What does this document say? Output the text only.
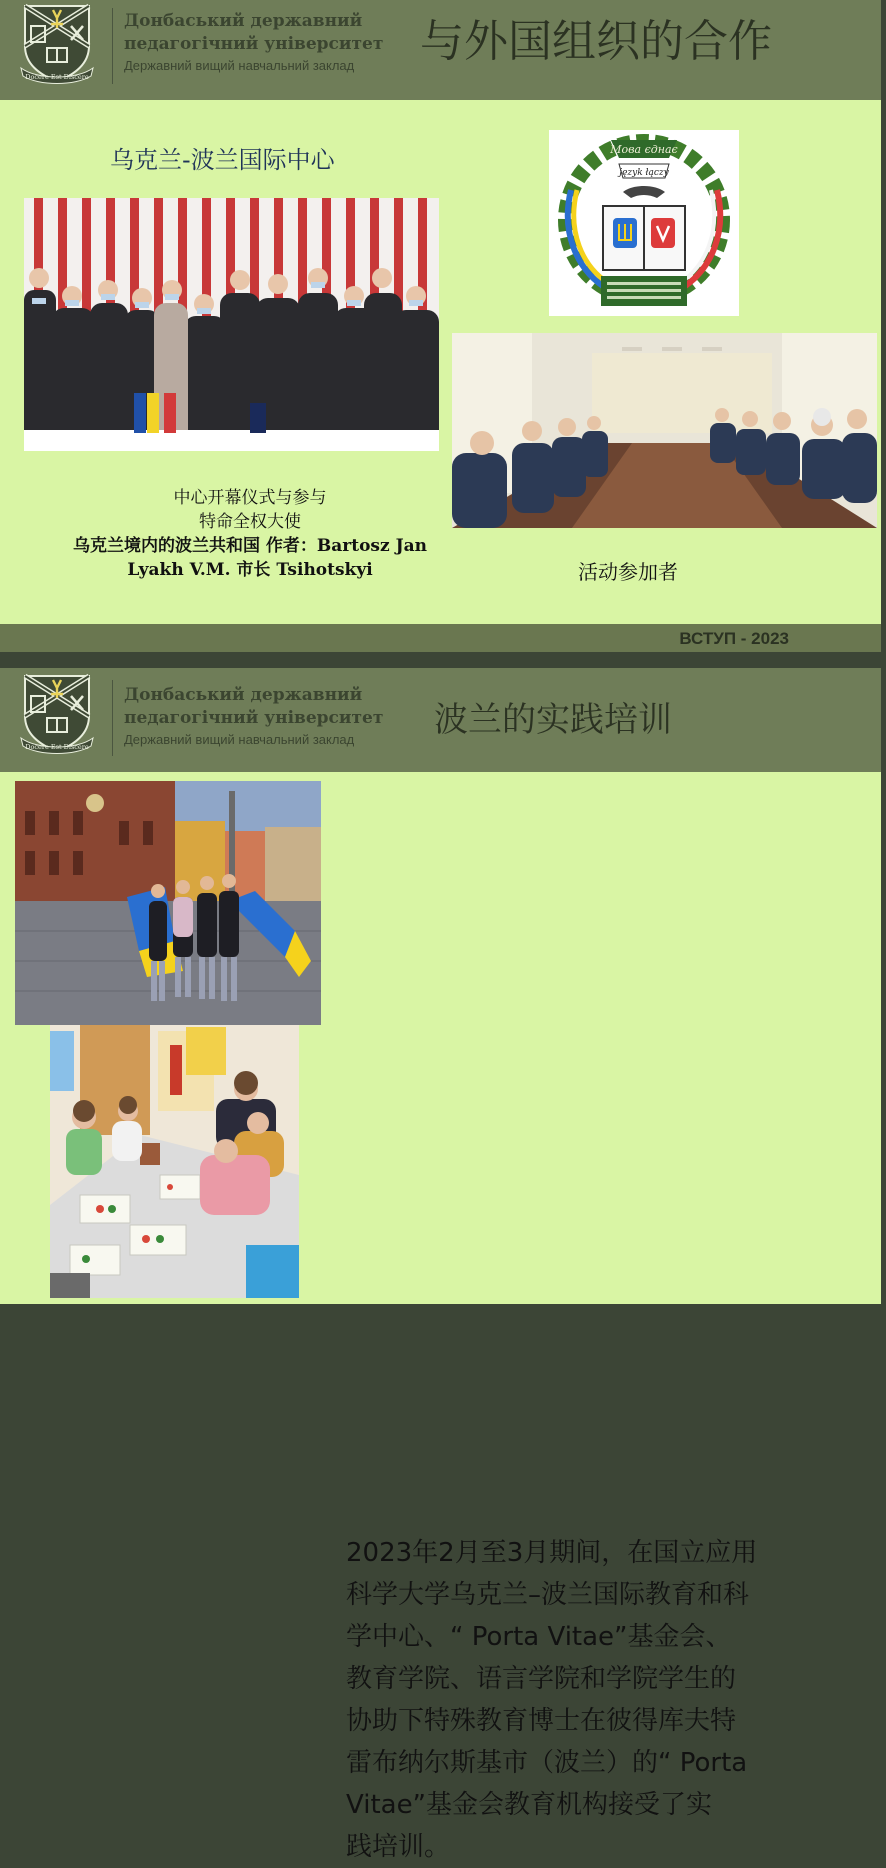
Docere Est Discere
Донбаський державний
педагогічний університет
Державний вищий навчальний заклад	与外国组织的合作
乌克兰-波兰国际中心	Мова єднає
język łączy
中心开幕仪式与参与
特命全权大使
乌克兰境内的波兰共和国 作者：Bartosz Jan
Lyakh V.M. 市长 Tsihotskyi	活动参加者
ВСТУП - 2023
Docere Est Discere
Донбаський державний
педагогічний університет
Державний вищий навчальний заклад	波兰的实践培训
2023年2月至3月期间，在国立应用
科学大学乌克兰–波兰国际教育和科
学中心、“ Porta Vitae”基金会、
教育学院、语言学院和学院学生的
协助下特殊教育博士在彼得库夫特
雷布纳尔斯基市（波兰）的“ Porta
Vitae”基金会教育机构接受了实
践培训。
